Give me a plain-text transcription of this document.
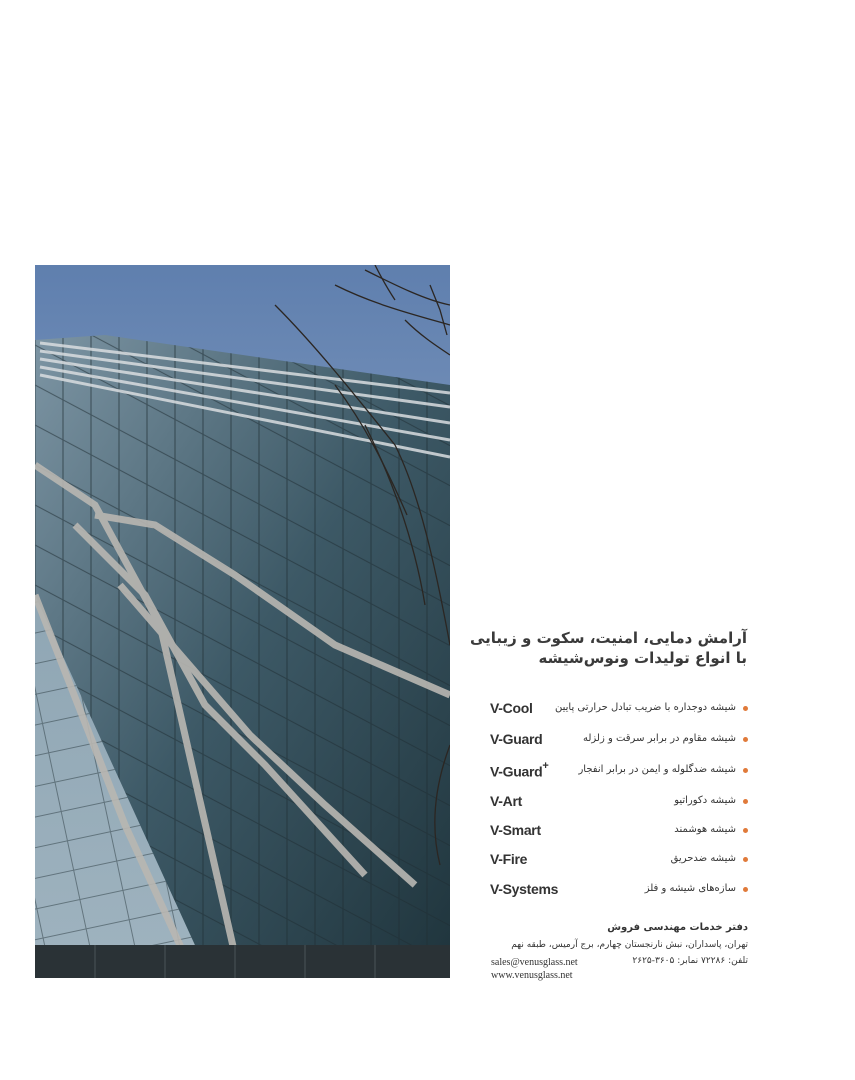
آرامش دمایی، امنیت، سکوت و زیبایی
با انواع تولیدات ونوس‌شیشه
V-Cool شیشه دوجداره با ضریب تبادل حرارتی پایین
V-Guard	شیشه مقاوم در برابر سرقت و زلزله
V-Guard+	شیشه ضدگلوله و ایمن در برابر انفجار
V-Art	شیشه دکوراتیو
V-Smart	شیشه هوشمند
V-Fire	شیشه ضدحریق
V-Systems	سازه‌های شیشه و فلز
دفتر خدمات مهندسی فروش
تهران، پاسداران، نبش نارنجستان چهارم، برج آرمیس، طبقه نهم
تلفن: ۷۲۲۸۶ نمابر: ۳۶۰۵-۲۶۲۵
sales@venusglass.net
www.venusglass.net
